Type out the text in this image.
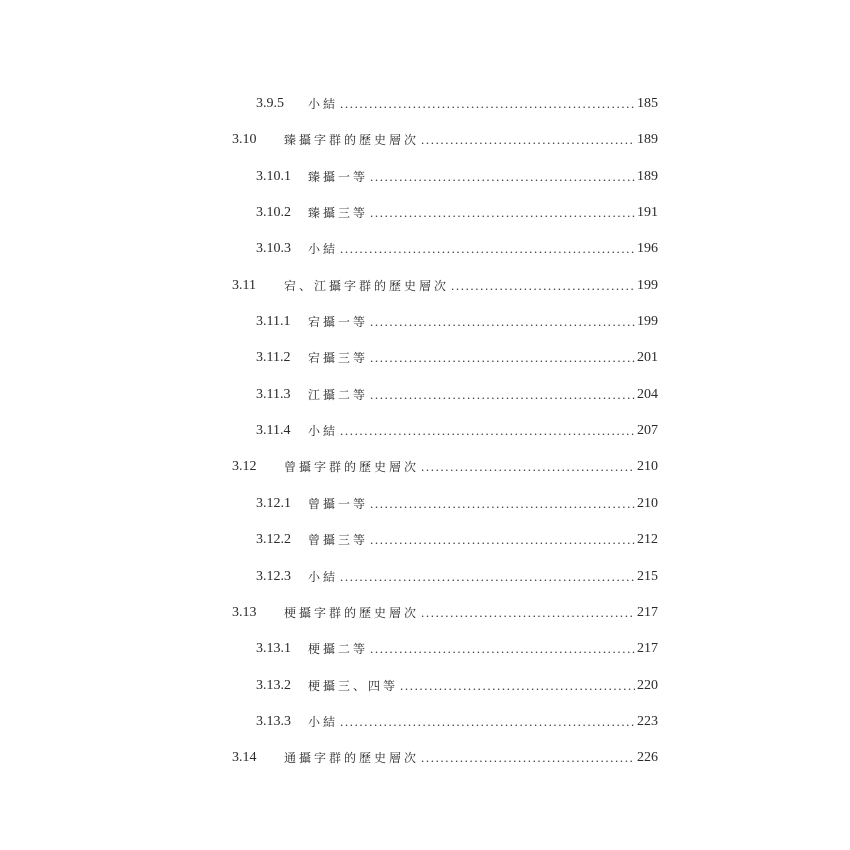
3.9.5	小結 .....	185
3.10	臻攝字群的歷史層次 .....	189
3.10.1	臻攝一等 .....	189
3.10.2	臻攝三等 .....	191
3.10.3	小結 .....	196
3.11	宕、江攝字群的歷史層次 .....	199
3.11.1	宕攝一等 .....	199
3.11.2	宕攝三等 .....	201
3.11.3	江攝二等 .....	204
3.11.4	小結 .....	207
3.12	曾攝字群的歷史層次 .....	210
3.12.1	曾攝一等 .....	210
3.12.2	曾攝三等 .....	212
3.12.3	小結 .....	215
3.13	梗攝字群的歷史層次 .....	217
3.13.1	梗攝二等 .....	217
3.13.2	梗攝三、四等 .....	220
3.13.3	小結 .....	223
3.14	通攝字群的歷史層次 .....	226
